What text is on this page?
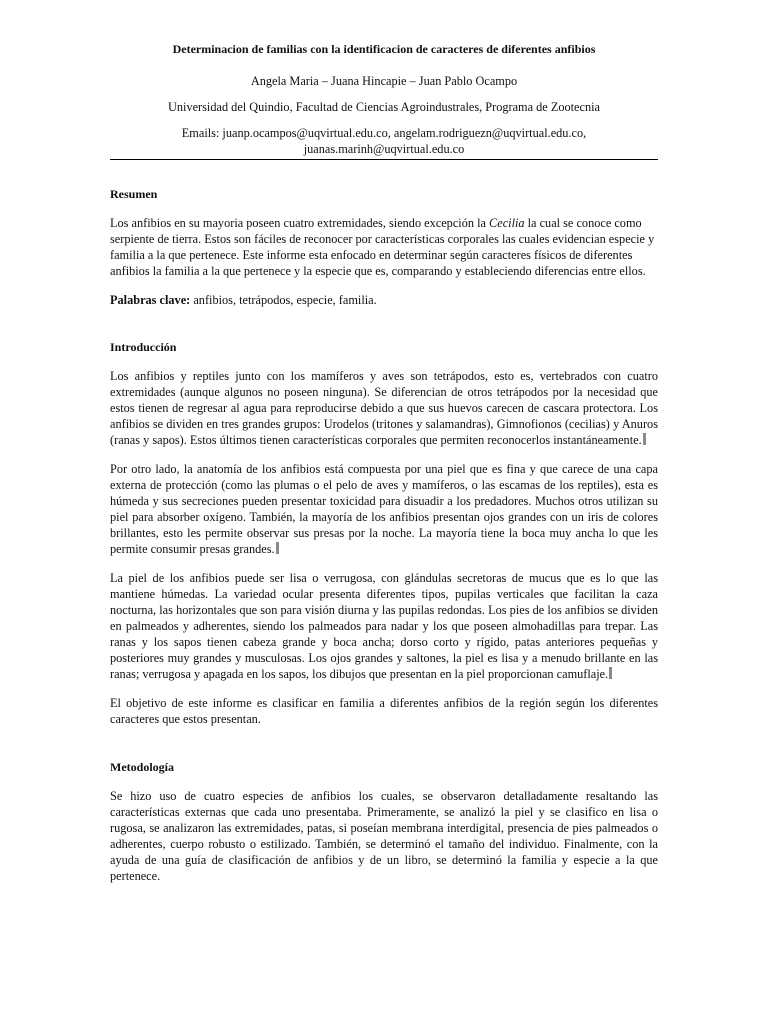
Determinacion de familias con la identificacion de caracteres de diferentes anfibios
Angela Maria – Juana Hincapie – Juan Pablo Ocampo
Universidad del Quindio, Facultad de Ciencias Agroindustrales, Programa de Zootecnia
Emails: juanp.ocampos@uqvirtual.edu.co, angelam.rodriguezn@uqvirtual.edu.co,
juanas.marinh@uqvirtual.edu.co
Resumen

Los anfibios en su mayoria poseen cuatro extremidades, siendo excepción la Cecilia la cual se conoce como serpiente de tierra. Estos son fáciles de reconocer por características corporales las cuales evidencian especie y familia a la que pertenece. Este informe esta enfocado en determinar según caracteres físicos de diferentes anfibios la familia a la que pertenece y la especie que es, comparando y estableciendo diferencias entre ellos.

Palabras clave: anfibios, tetrápodos, especie, familia.

Introducción

Los anfibios y reptiles junto con los mamíferos y aves son tetrápodos, esto es, vertebrados con cuatro extremidades (aunque algunos no poseen ninguna). Se diferencian de otros tetrápodos por la necesidad que estos tienen de regresar al agua para reproducirse debido a que sus huevos carecen de cascara protectora. Los anfibios se dividen en tres grandes grupos: Urodelos (tritones y salamandras), Gimnofionos (cecilias) y Anuros (ranas y sapos). Estos últimos tienen características corporales que permiten reconocerlos instantáneamente.

Por otro lado, la anatomía de los anfibios está compuesta por una piel que es fina y que carece de una capa externa de protección (como las plumas o el pelo de aves y mamíferos, o las escamas de los reptiles), esta es húmeda y sus secreciones pueden presentar toxicidad para disuadir a los predadores. Muchos otros utilizan su piel para absorber oxígeno. También, la mayoría de los anfibios presentan ojos grandes con un iris de colores brillantes, esto les permite observar sus presas por la noche. La mayoría tiene la boca muy ancha lo que les permite consumir presas grandes.

La piel de los anfibios puede ser lisa o verrugosa, con glándulas secretoras de mucus que es lo que las mantiene húmedas. La variedad ocular presenta diferentes tipos, pupilas verticales que facilitan la caza nocturna, las horizontales que son para visión diurna y las pupilas redondas. Los pies de los anfibios se dividen en palmeados y adherentes, siendo los palmeados para nadar y los que poseen almohadillas para trepar. Las ranas y los sapos tienen cabeza grande y boca ancha; dorso corto y rígido, patas anteriores pequeñas y posteriores muy grandes y musculosas. Los ojos grandes y saltones, la piel es lisa y a menudo brillante en las ranas; verrugosa y apagada en los sapos, los dibujos que presentan en la piel proporcionan camuflaje.

El objetivo de este informe es clasificar en familia a diferentes anfibios de la región según los diferentes caracteres que estos presentan.

Metodología

Se hizo uso de cuatro especies de anfibios los cuales, se observaron detalladamente resaltando las características externas que cada uno presentaba. Primeramente, se analizó la piel y se clasifico en lisa o rugosa, se analizaron las extremidades, patas, si poseían membrana interdigital, presencia de pies palmeados o adherentes, cuerpo robusto o estilizado. También, se determinó el tamaño del individuo. Finalmente, con la ayuda de una guía de clasificación de anfibios y de un libro, se determinó la familia y especie a la que pertenece.
